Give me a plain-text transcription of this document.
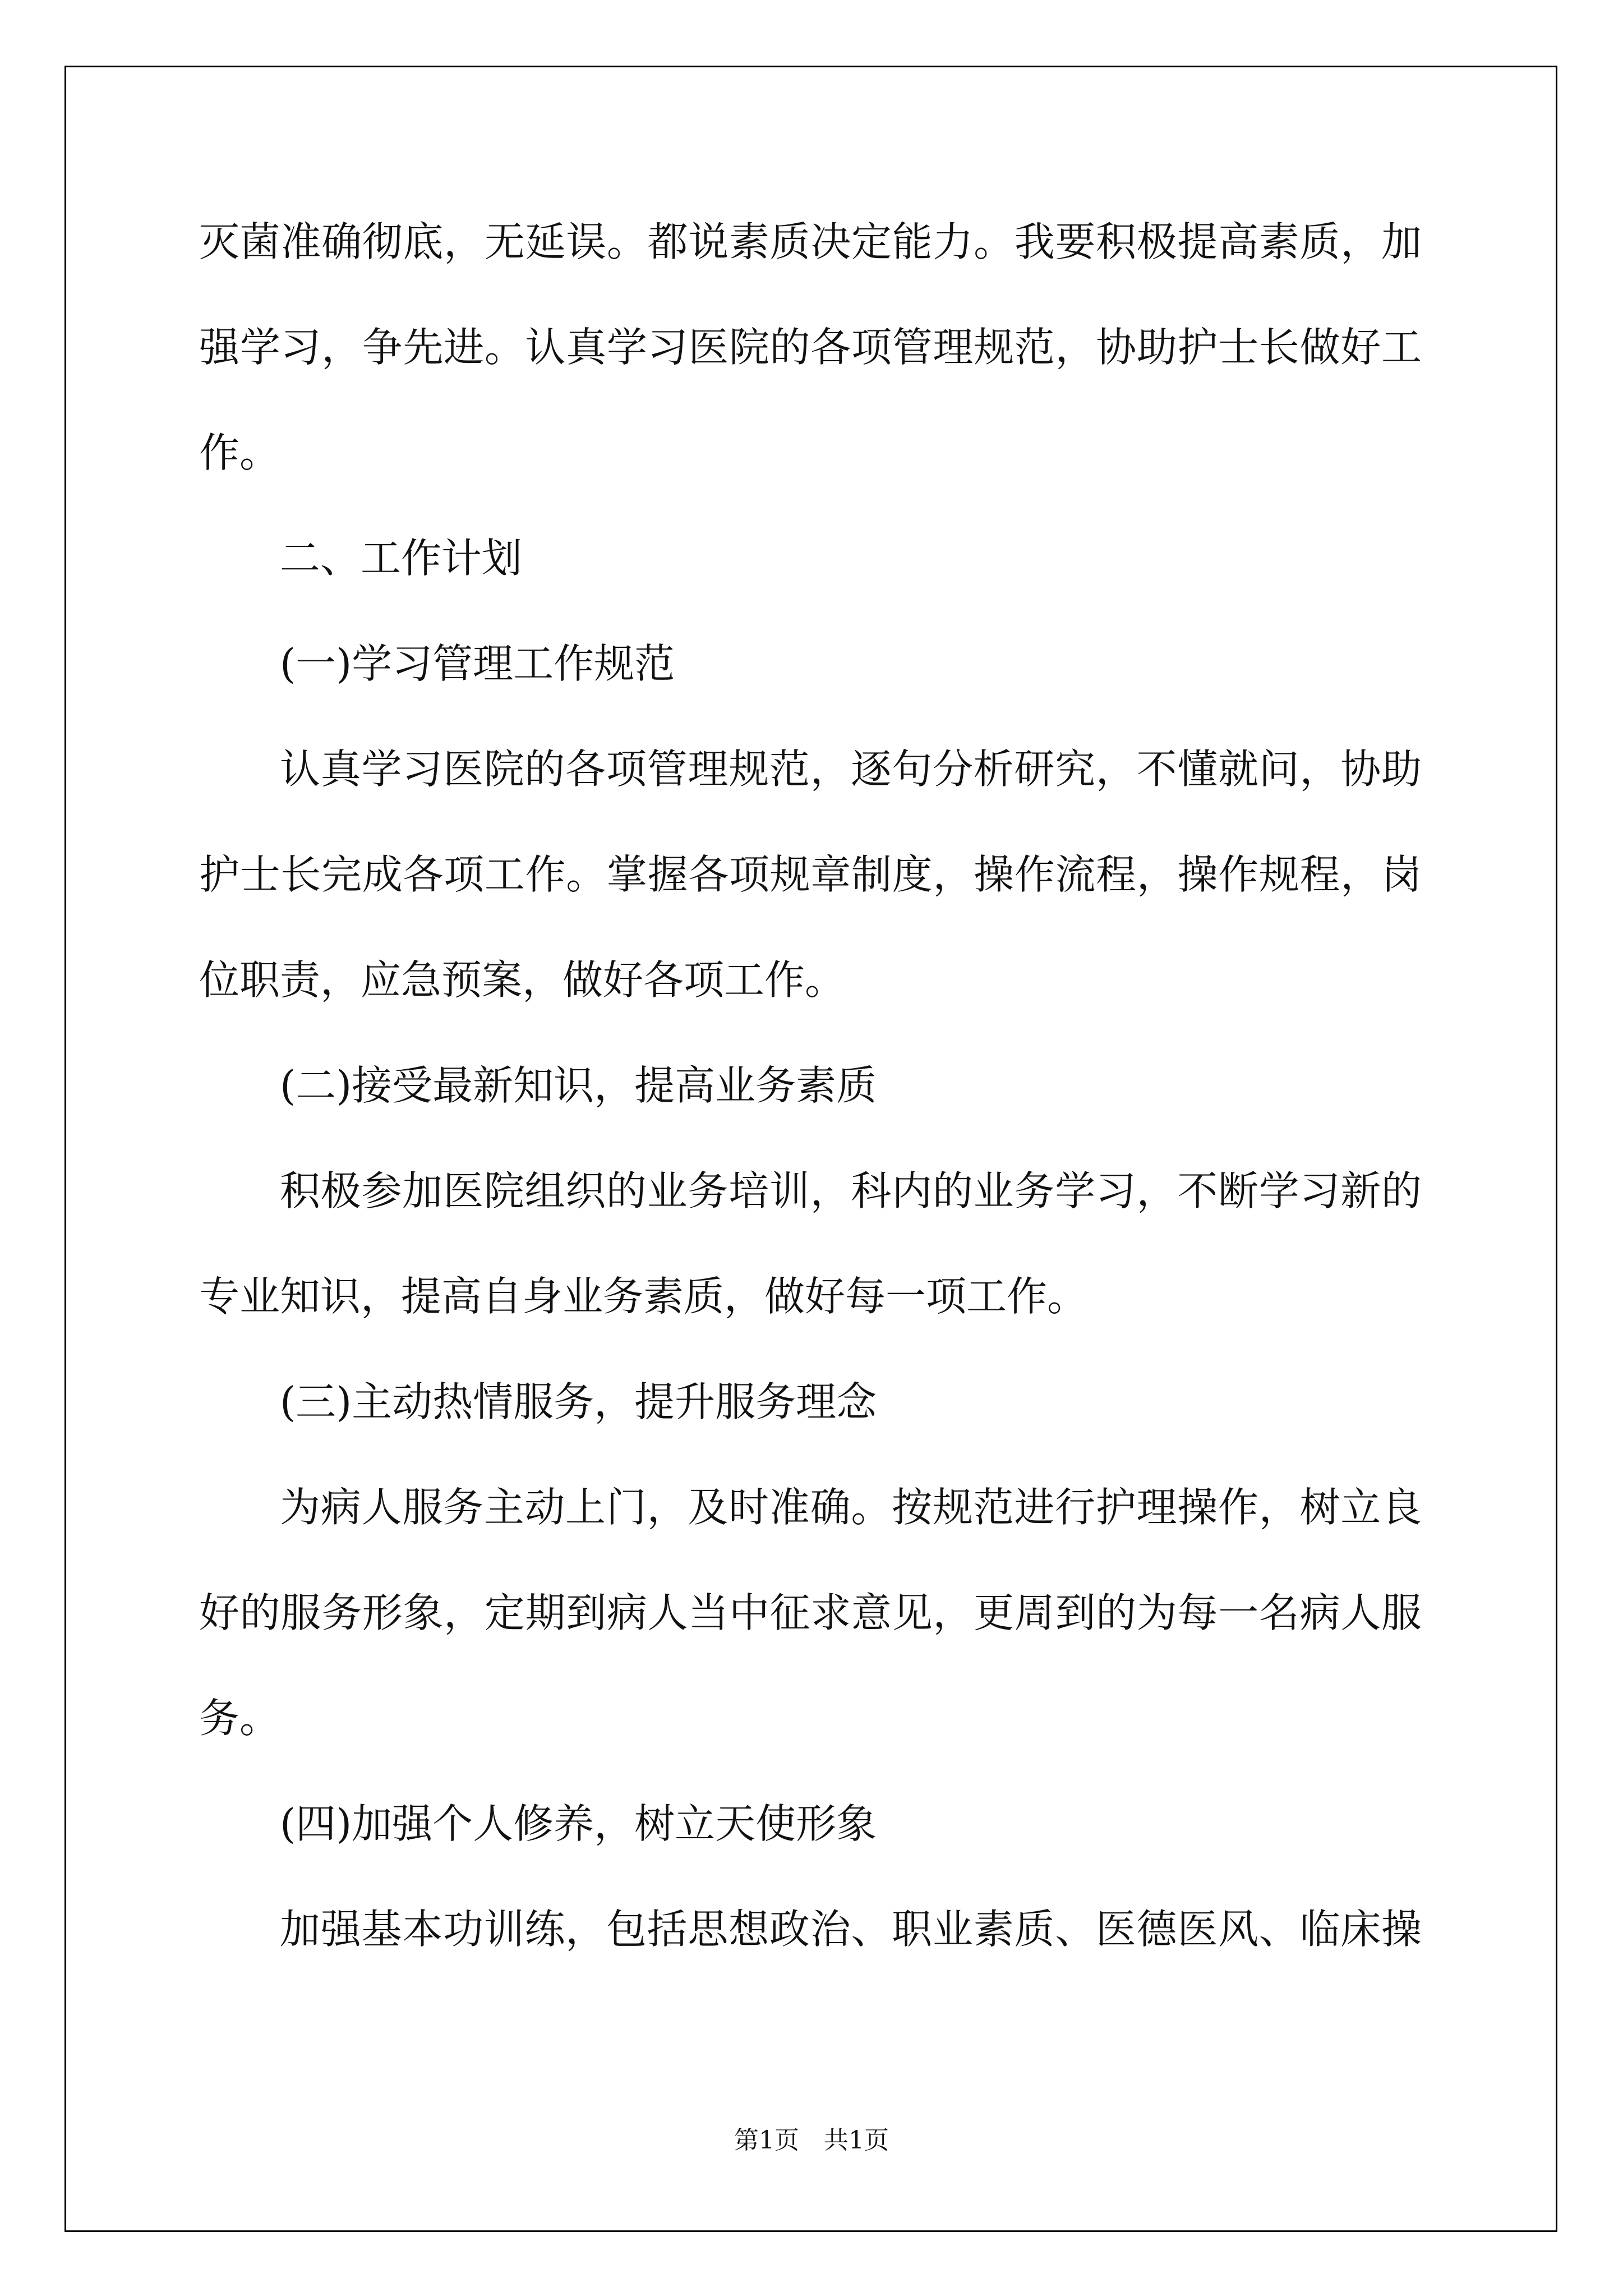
灭菌准确彻底，无延误。都说素质决定能力。我要积极提高素质，加
强学习，争先进。认真学习医院的各项管理规范，协助护士长做好工
作。
二、工作计划
(一)学习管理工作规范
认真学习医院的各项管理规范，逐句分析研究，不懂就问，协助
护士长完成各项工作。掌握各项规章制度，操作流程，操作规程，岗
位职责，应急预案，做好各项工作。
(二)接受最新知识，提高业务素质
积极参加医院组织的业务培训，科内的业务学习，不断学习新的
专业知识，提高自身业务素质，做好每一项工作。
(三)主动热情服务，提升服务理念
为病人服务主动上门，及时准确。按规范进行护理操作，树立良
好的服务形象，定期到病人当中征求意见，更周到的为每一名病人服
务。
(四)加强个人修养，树立天使形象
加强基本功训练，包括思想政治、职业素质、医德医风、临床操
第1页　共1页
